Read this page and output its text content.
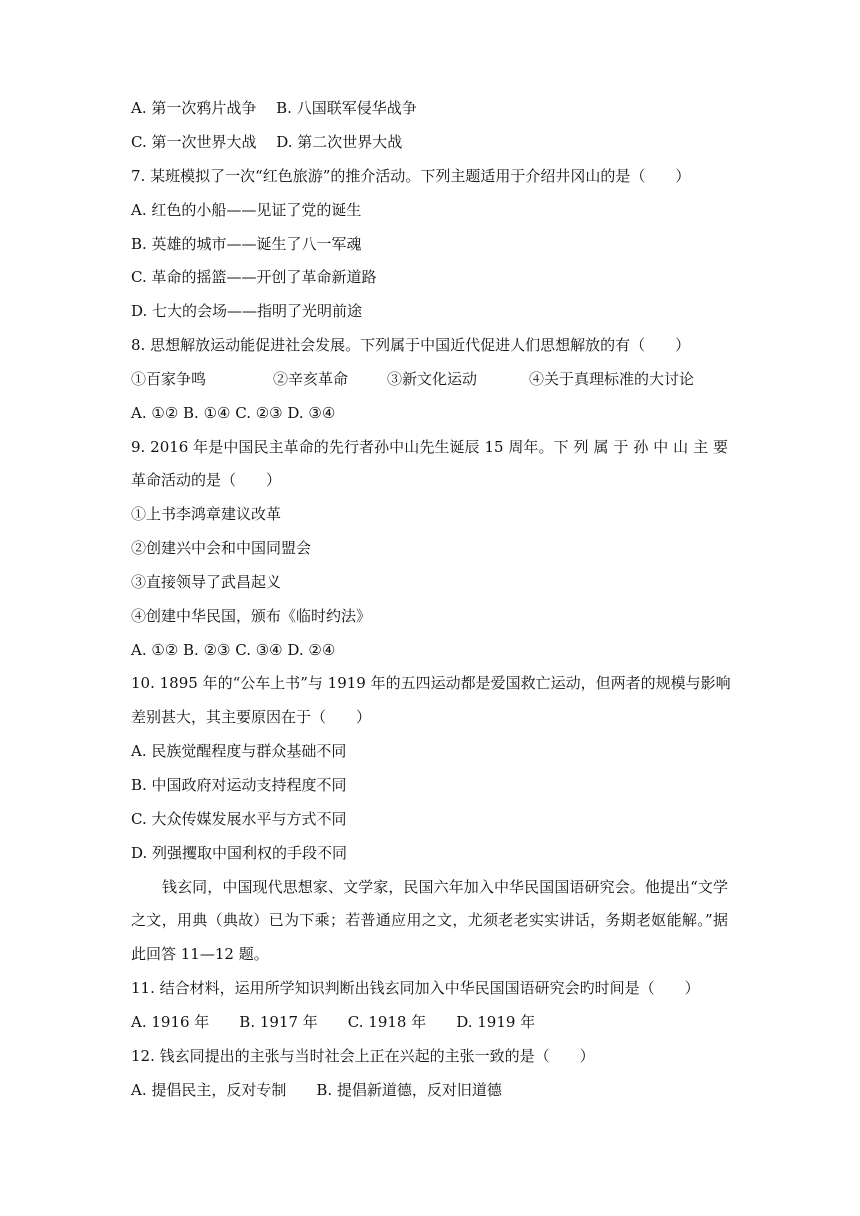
A. 第一次鸦片战争　 B. 八国联军侵华战争
C. 第一次世界大战　 D. 第二次世界大战
7. 某班模拟了一次“红色旅游”的推介活动。下列主题适用于介绍井冈山的是（　　）
A. 红色的小船——见证了党的诞生
B. 英雄的城市——诞生了八一军魂
C. 革命的摇篮——开创了革命新道路
D. 七大的会场——指明了光明前途
8. 思想解放运动能促进社会发展。下列属于中国近代促进人们思想解放的有（　　）
①百家争鸣	②辛亥革命	③新文化运动	④关于真理标准的大讨论
A. ①② B. ①④ C. ②③ D. ③④
9. 2016 年是中国民主革命的先行者孙中山先生诞辰 15 周年。下 列 属 于 孙 中 山 主 要
革命活动的是（　　）
①上书李鸿章建议改革
②创建兴中会和中国同盟会
③直接领导了武昌起义
④创建中华民国，颁布《临时约法》
A. ①② B. ②③ C. ③④ D. ②④
10. 1895 年的“公车上书”与 1919 年的五四运动都是爱国救亡运动，但两者的规模与影响
差别甚大，其主要原因在于（　　）
A. 民族觉醒程度与群众基础不同
B. 中国政府对运动支持程度不同
C. 大众传媒发展水平与方式不同
D. 列强攫取中国利权的手段不同
钱玄同，中国现代思想家、文学家，民国六年加入中华民国国语研究会。他提出“文学
之文，用典（典故）已为下乘；若普通应用之文，尤须老老实实讲话，务期老妪能解。”据
此回答 11—12 题。
11. 结合材料，运用所学知识判断出钱玄同加入中华民国国语研究会旳时间是（　　）
A. 1916 年　　B. 1917 年　　C. 1918 年　　D. 1919 年
12. 钱玄同提出的主张与当时社会上正在兴起的主张一致的是（　　）
A. 提倡民主，反对专制　　B. 提倡新道德，反对旧道德
